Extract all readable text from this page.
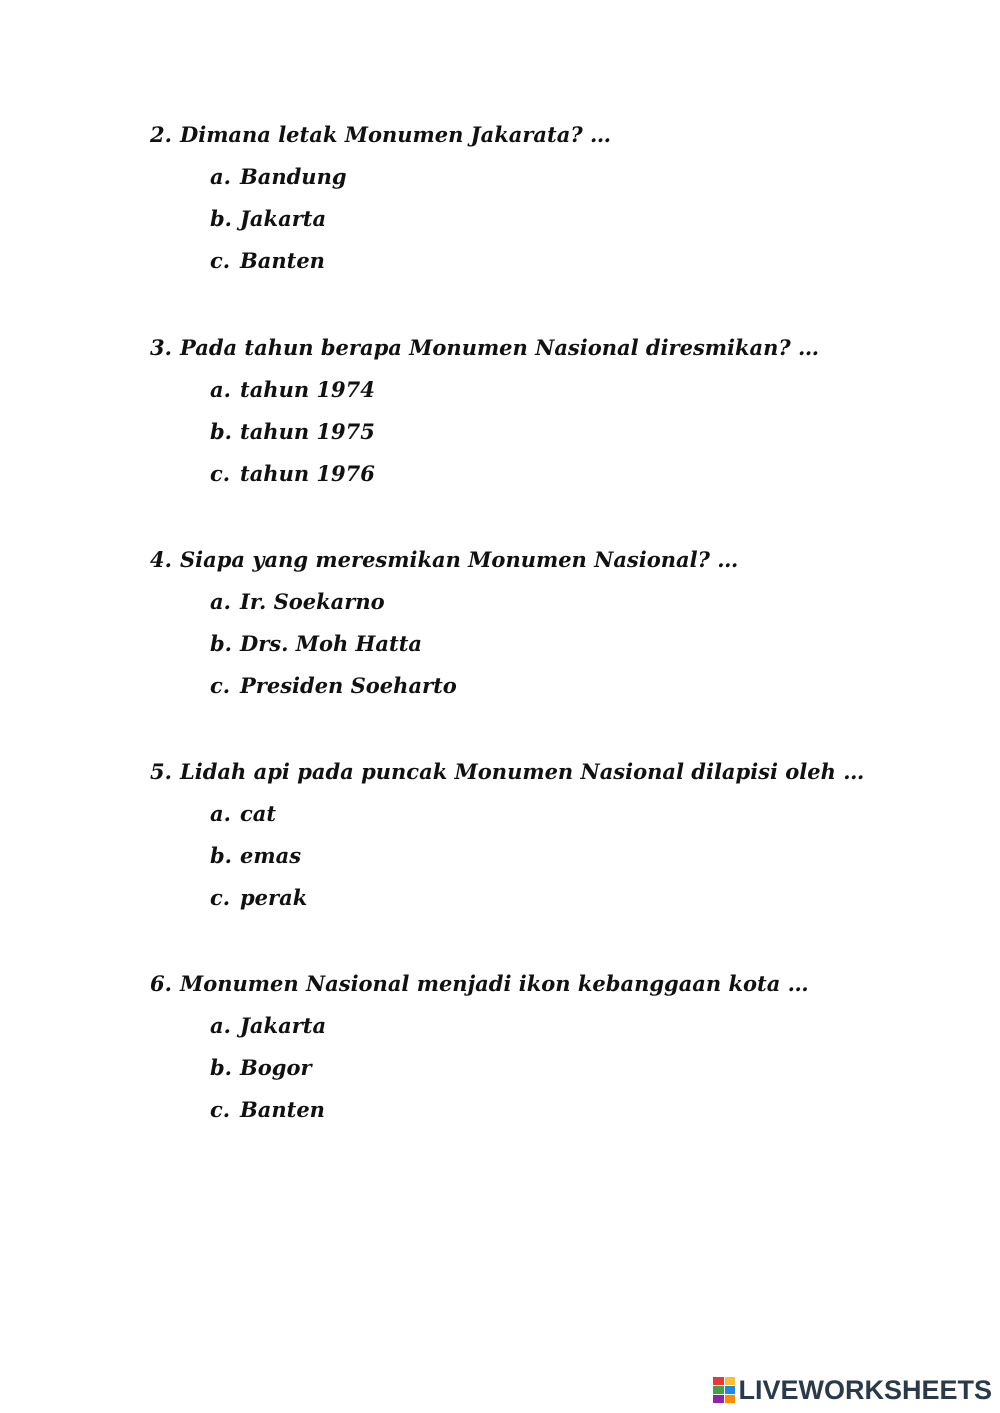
2. Dimana letak Monumen Jakarata? …
a. Bandung
b. Jakarta
c. Banten
3. Pada tahun berapa Monumen Nasional diresmikan? …
a. tahun 1974
b. tahun 1975
c. tahun 1976
4. Siapa yang meresmikan Monumen Nasional? …
a. Ir. Soekarno
b. Drs. Moh Hatta
c. Presiden Soeharto
5. Lidah api pada puncak Monumen Nasional dilapisi oleh …
a. cat
b. emas
c. perak
6. Monumen Nasional menjadi ikon kebanggaan kota …
a. Jakarta
b. Bogor
c. Banten
LIVEWORKSHEETS
